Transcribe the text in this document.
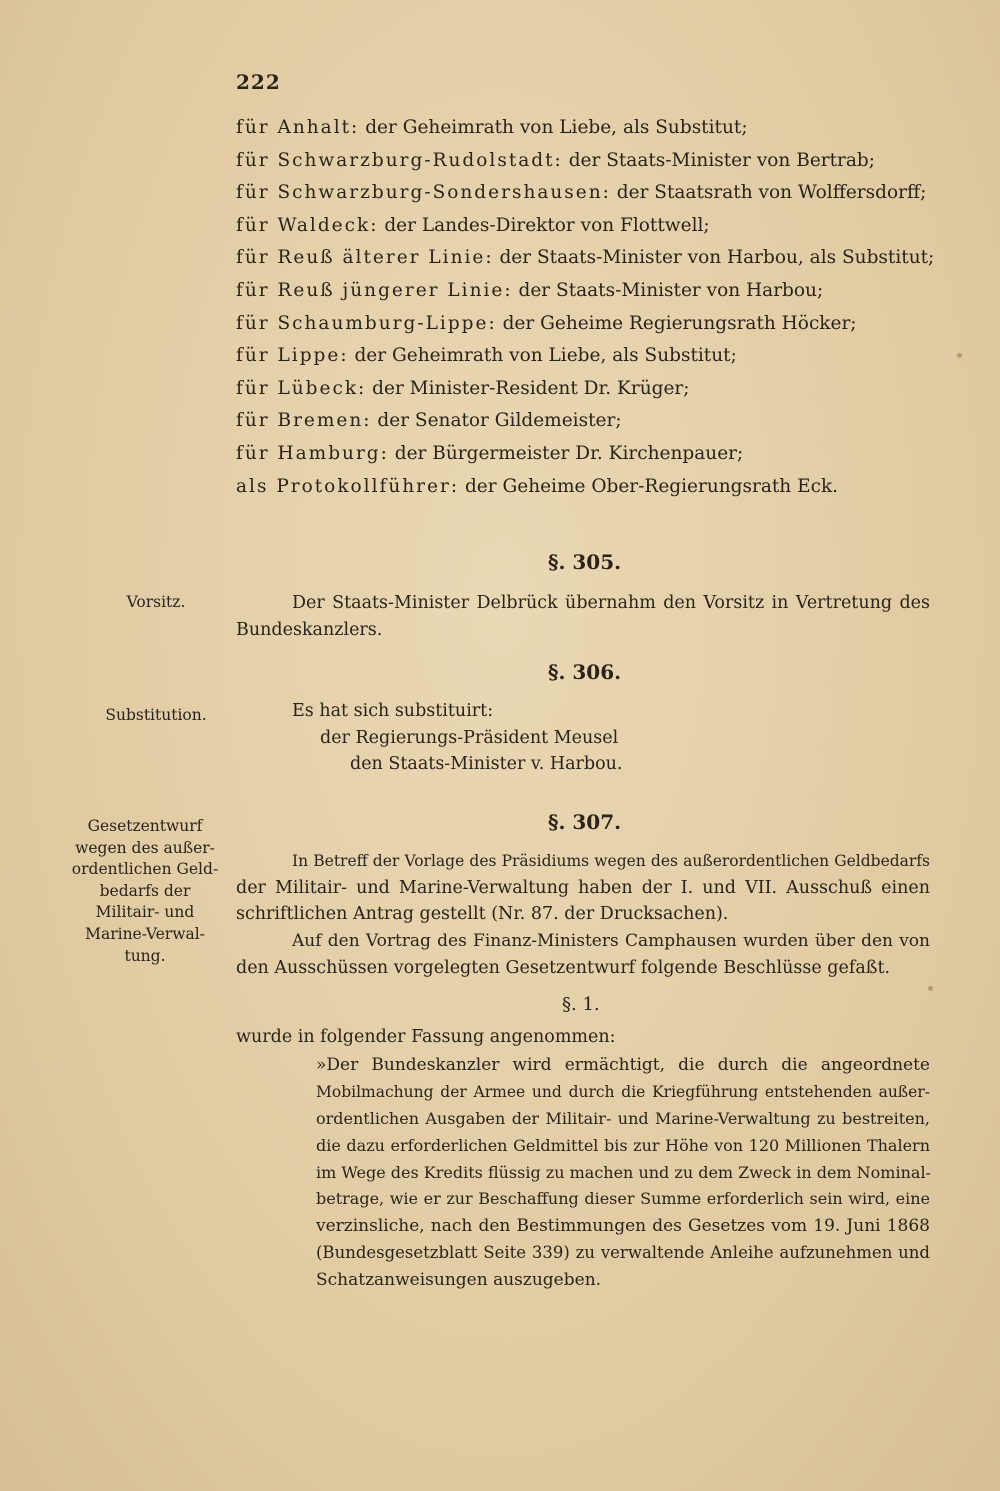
222
für Anhalt: der Geheimrath von Liebe, als Substitut;
für Schwarzburg-Rudolstadt: der Staats-Minister von Bertrab;
für Schwarzburg-Sondershausen: der Staatsrath von Wolffersdorff;
für Waldeck: der Landes-Direktor von Flottwell;
für Reuß älterer Linie: der Staats-Minister von Harbou, als Substitut;
für Reuß jüngerer Linie: der Staats-Minister von Harbou;
für Schaumburg-Lippe: der Geheime Regierungsrath Höcker;
für Lippe: der Geheimrath von Liebe, als Substitut;
für Lübeck: der Minister-Resident Dr. Krüger;
für Bremen: der Senator Gildemeister;
für Hamburg: der Bürgermeister Dr. Kirchenpauer;
als Protokollführer: der Geheime Ober-Regierungsrath Eck.
§. 305.
Vorsitz.	Der Staats-Minister Delbrück übernahm den Vorsitz in Vertretung des
Bundeskanzlers.
§. 306.
Substitution.	Es hat sich substituirt:
der Regierungs-Präsident Meusel
den Staats-Minister v. Harbou.
§. 307.
Gesetzentwurf
wegen des außer-
ordentlichen Geld-
bedarfs der
Militair- und
Marine-Verwal-
tung.
In Betreff der Vorlage des Präsidiums wegen des außerordentlichen Geldbedarfs
der Militair- und Marine-Verwaltung haben der I. und VII. Ausschuß einen
schriftlichen Antrag gestellt (Nr. 87. der Drucksachen).
Auf den Vortrag des Finanz-Ministers Camphausen wurden über den von
den Ausschüssen vorgelegten Gesetzentwurf folgende Beschlüsse gefaßt.
§. 1.
wurde in folgender Fassung angenommen:
»Der Bundeskanzler wird ermächtigt, die durch die angeordnete
Mobilmachung der Armee und durch die Kriegführung entstehenden außer-
ordentlichen Ausgaben der Militair- und Marine-Verwaltung zu bestreiten,
die dazu erforderlichen Geldmittel bis zur Höhe von 120 Millionen Thalern
im Wege des Kredits flüssig zu machen und zu dem Zweck in dem Nominal-
betrage, wie er zur Beschaffung dieser Summe erforderlich sein wird, eine
verzinsliche, nach den Bestimmungen des Gesetzes vom 19. Juni 1868
(Bundesgesetzblatt Seite 339) zu verwaltende Anleihe aufzunehmen und
Schatzanweisungen auszugeben.
